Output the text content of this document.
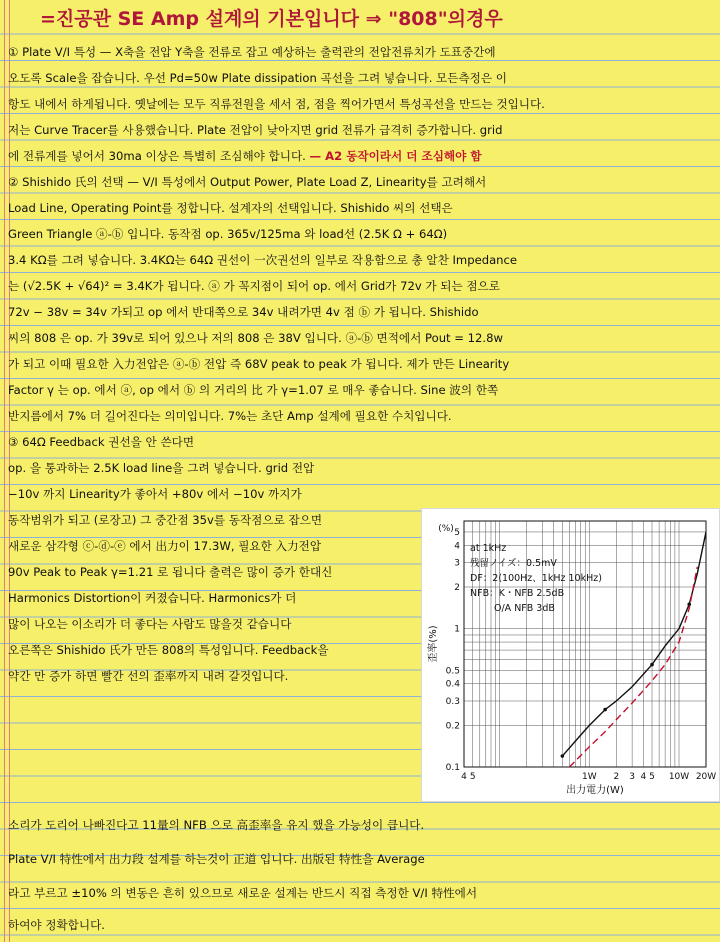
=진공관 SE Amp 설계의 기본입니다 ⇒ "808"의경우
① Plate V/I 특성 — X축을 전압 Y축을 전류로 잡고 예상하는 출력관의 전압전류치가 도표중간에
오도록 Scale을 잡습니다. 우선 Pd=50w Plate dissipation 곡선을 그려 넣습니다. 모든측정은 이
항도 내에서 하게됩니다. 옛날에는 모두 직류전원을 세서 점, 점을 찍어가면서 특성곡선을 만드는 것입니다.
저는 Curve Tracer를 사용했습니다. Plate 전압이 낮아지면 grid 전류가 급격히 증가합니다. grid
에 전류계를 넣어서 30ma 이상은 특별히 조심해야 합니다. — A2 동작이라서 더 조심해야 함
② Shishido 氏의 선택 — V/I 특성에서 Output Power, Plate Load Z, Linearity를 고려해서
Load Line, Operating Point를 정합니다. 설계자의 선택입니다. Shishido 씨의 선택은
Green Triangle ⓐ-ⓑ 입니다. 동작점 op. 365v/125ma 와 load선 (2.5K Ω + 64Ω)
3.4 KΩ를 그려 넣습니다. 3.4KΩ는 64Ω 권선이 一次권선의 일부로 작용함으로 총 알찬 Impedance
는 (√2.5K + √64)² = 3.4K가 됩니다. ⓐ 가 꼭지점이 되어 op. 에서 Grid가 72v 가 되는 점으로
72v − 38v = 34v 가되고 op 에서 반대쪽으로 34v 내려가면 4v 점 ⓑ 가 됩니다. Shishido
씨의 808 은 op. 가 39v로 되어 있으나 저의 808 은 38V 입니다. ⓐ-ⓑ 면적에서 Pout = 12.8w
가 되고 이때 필요한 入力전압은 ⓐ-ⓑ 전압 즉 68V peak to peak 가 됩니다. 제가 만든 Linearity
Factor γ 는 op. 에서 ⓐ, op 에서 ⓑ 의 거리의 比 가 γ=1.07 로 매우 좋습니다. Sine 波의 한쪽
반지름에서 7% 더 길어진다는 의미입니다. 7%는 초단 Amp 설계에 필요한 수치입니다.
③ 64Ω Feedback 권선을 안 쓴다면
op. 을 통과하는 2.5K load line을 그려 넣습니다. grid 전압
−10v 까지 Linearity가 좋아서 +80v 에서 −10v 까지가
동작범위가 되고 (로장고) 그 중간점 35v를 동작점으로 잡으면
새로운 삼각형 ⓒ-ⓓ-ⓔ 에서 出力이 17.3W, 필요한 入力전압
90v Peak to Peak γ=1.21 로 됩니다 출력은 많이 증가 한대신
Harmonics Distortion이 커졌습니다. Harmonics가 더
많이 나오는 이소리가 더 좋다는 사람도 많을것 같습니다
오른쪽은 Shishido 氏가 만든 808의 특성입니다. Feedback을
약간 만 증가 하면 빨간 선의 歪率까지 내려 갈것입니다.
소리가 도리어 나빠진다고 11量의 NFB 으로 高歪率을 유지 했을 가능성이 큽니다.
Plate V/I 特性에서 出力段 설계를 하는것이 正道 입니다. 出版된 特性을 Average
라고 부르고 ±10% 의 변동은 흔히 있으므로 새로운 설계는 반드시 직접 측정한 V/I 特性에서
하여야 정확합니다.
0.1
0.2
0.3
0.4
0.5
1
2
3
4
5
(%)
歪率(%)
4 5	1W 2 3 4 5 10W 20W
出力電力(W)
at 1kHz
残留ノイズ：0.5mV
DF：2(100Hz、1kHz 10kHz)
NFB：K・NFB 2.5dB
O/A NFB 3dB
